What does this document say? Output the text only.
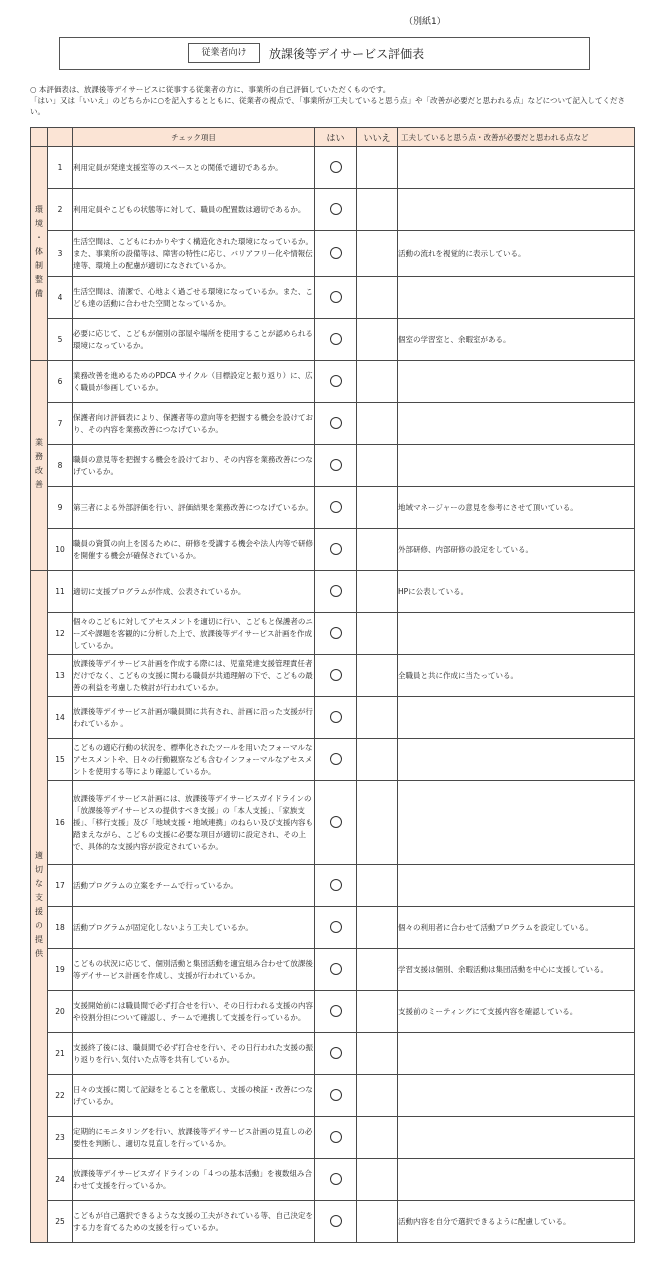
（別紙1）
従業者向け	放課後等デイサービス評価表
○ 本評価表は、放課後等デイサービスに従事する従業者の方に、事業所の自己評価していただくものです。
「はい」又は「いいえ」のどちらかに○を記入するとともに、従業者の視点で、「事業所が工夫していると思う点」や「改善が必要だと思われる点」などについて記入してくださ
い。
		チェック項目	はい	いいえ	工夫していると思う点・改善が必要だと思われる点など

環境・体制整備	1	利用定員が発達支援室等のスペースとの関係で適切であるか。			
	2	利用定員やこどもの状態等に対して、職員の配置数は適切であるか。			
	3	生活空間は、こどもにわかりやすく構造化された環境になっているか。また、事業所の設備等は、障害の特性に応じ、バリアフリー化や情報伝達等、環境上の配慮が適切になされているか。			活動の流れを視覚的に表示している。
	4	生活空間は、清潔で、心地よく過ごせる環境になっているか。また、こども達の活動に合わせた空間となっているか。			
	5	必要に応じて、こどもが個別の部屋や場所を使用することが認められる環境になっているか。			個室の学習室と、余暇室がある。

業務改善	6	業務改善を進めるためのPDCA サイクル（目標設定と振り返り）に、広く職員が参画しているか。			
	7	保護者向け評価表により、保護者等の意向等を把握する機会を設けており、その内容を業務改善につなげているか。			
	8	職員の意見等を把握する機会を設けており、その内容を業務改善につなげているか。			
	9	第三者による外部評価を行い、評価結果を業務改善につなげているか。			地域マネージャーの意見を参考にさせて頂いている。
	10	職員の資質の向上を図るために、研修を受講する機会や法人内等で研修を開催する機会が確保されているか。			外部研修、内部研修の設定をしている。

適切な支援の提供	11	適切に支援プログラムが作成、公表されているか。			HPに公表している。
	12	個々のこどもに対してアセスメントを適切に行い、こどもと保護者のニーズや課題を客観的に分析した上で、放課後等デイサービス計画を作成しているか。			
	13	放課後等デイサービス計画を作成する際には、児童発達支援管理責任者だけでなく、こどもの支援に関わる職員が共通理解の下で、こどもの最善の利益を考慮した検討が行われているか。			全職員と共に作成に当たっている。
	14	放課後等デイサービス計画が職員間に共有され、計画に沿った支援が行われているか 。			
	15	こどもの適応行動の状況を、標準化されたツールを用いたフォーマルなアセスメントや、日々の行動観察なども含むインフォーマルなアセスメントを使用する等により確認しているか。			
	16	放課後等デイサービス計画には、放課後等デイサービスガイドラインの「放課後等デイサービスの提供すべき支援」の「本人支援」、「家族支援」、「移行支援」及び「地域支援・地域連携」のねらい及び支援内容も踏まえながら、こどもの支援に必要な項目が適切に設定され、その上で、具体的な支援内容が設定されているか。			
	17	活動プログラムの立案をチームで行っているか。			
	18	活動プログラムが固定化しないよう工夫しているか。			個々の利用者に合わせて活動プログラムを設定している。
	19	こどもの状況に応じて、個別活動と集団活動を適宜組み合わせて放課後等デイサービス計画を作成し、支援が行われているか。			学習支援は個別、余暇活動は集団活動を中心に支援している。
	20	支援開始前には職員間で必ず打合せを行い、その日行われる支援の内容や役割分担について確認し、チームで連携して支援を行っているか。			支援前のミーティングにて支援内容を確認している。
	21	支援終了後には、職員間で必ず打合せを行い、その日行われた支援の振り返りを行い､気付いた点等を共有しているか。			
	22	日々の支援に関して記録をとることを徹底し、支援の検証・改善につなげているか。			
	23	定期的にモニタリングを行い、放課後等デイサービス計画の見直しの必要性を判断し、適切な見直しを行っているか。			
	24	放課後等デイサービスガイドラインの「４つの基本活動」を複数組み合わせて支援を行っているか。			
	25	こどもが自己選択できるような支援の工夫がされている等、自己決定をする力を育てるための支援を行っているか。			活動内容を自分で選択できるように配慮している。
